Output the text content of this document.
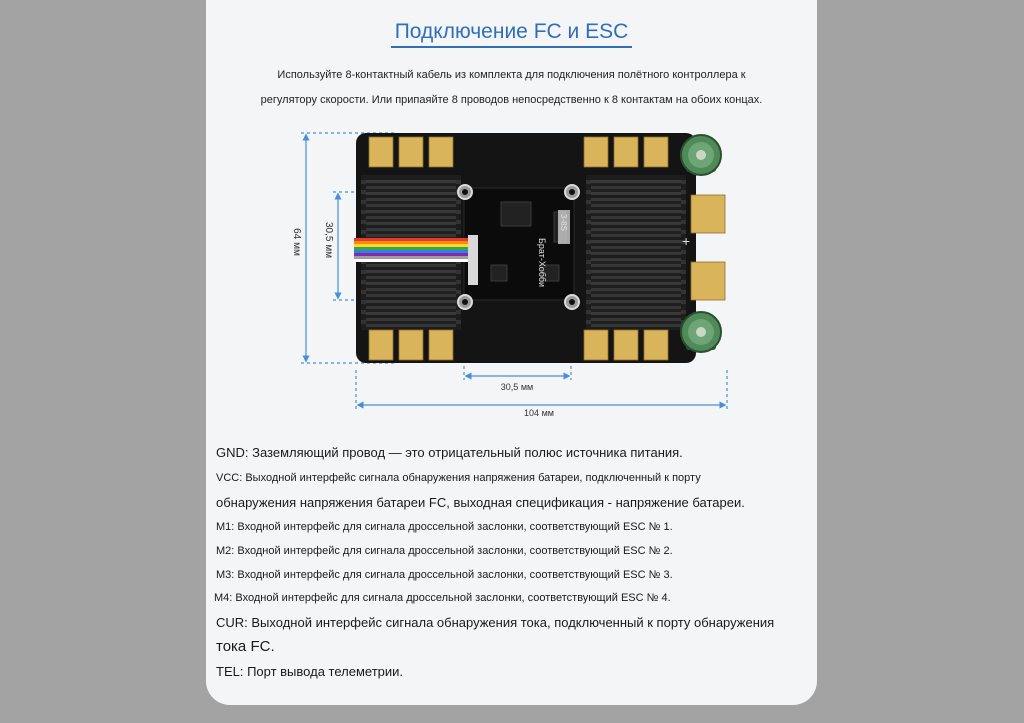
Подключение FC и ESC
Используйте 8-контактный кабель из комплекта для подключения полётного контроллера к
регулятору скорости. Или припаяйте 8 проводов непосредственно к 8 контактам на обоих концах.
64 мм 30,5 мм
30,5 мм
104 мм
+
Брат-Хобби
3-8S
GND: Заземляющий провод — это отрицательный полюс источника питания.
VCC: Выходной интерфейс сигнала обнаружения напряжения батареи, подключенный к порту
обнаружения напряжения батареи FC, выходная спецификация - напряжение батареи.
M1: Входной интерфейс для сигнала дроссельной заслонки, соответствующий ESC № 1.
M2: Входной интерфейс для сигнала дроссельной заслонки, соответствующий ESC № 2.
M3: Входной интерфейс для сигнала дроссельной заслонки, соответствующий ESC № 3.
M4: Входной интерфейс для сигнала дроссельной заслонки, соответствующий ESC № 4.
CUR: Выходной интерфейс сигнала обнаружения тока, подключенный к порту обнаружения
тока FC.
TEL: Порт вывода телеметрии.
